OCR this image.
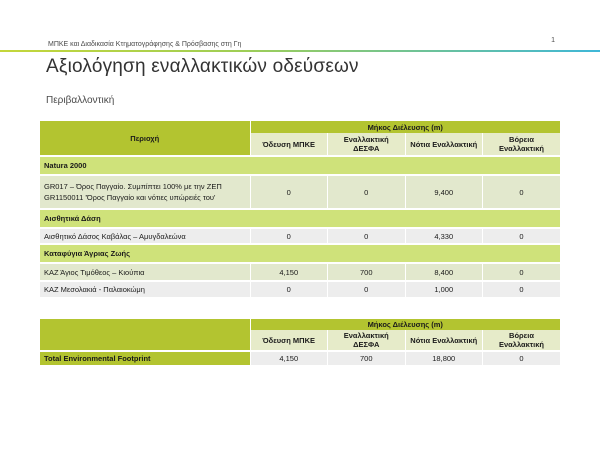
ΜΠΚΕ και Διαδικασία Κτηματογράφησης & Πρόσβασης στη Γη
1
Αξιολόγηση εναλλακτικών οδεύσεων
Περιβαλλοντική
Περιοχή	Μήκος Διέλευσης (m)			
	Όδευση ΜΠΚΕ	Εναλλακτική ΔΕΣΦΑ	Νότια Εναλλακτική	Βόρεια Εναλλακτική
Natura 2000				
GR017 – Όρος Παγγαίο. Συμπίπτει 100% με την ΖΕΠ GR1150011 'Όρος Παγγαίο και νότιες υπώρειές του'	0	0	9,400	0
Αισθητικά Δάση				
Αισθητικό Δάσος Καβάλας – Αμυγδαλεώνα	0	0	4,330	0
Καταφύγια Άγριας Ζωής				
ΚΑΖ Άγιος Τιμόθεος – Κιούπια	4,150	700	8,400	0
ΚΑΖ Μεσολακιά - Παλαιοκώμη	0	0	1,000	0
	Μήκος Διέλευσης (m)			
	Όδευση ΜΠΚΕ	Εναλλακτική ΔΕΣΦΑ	Νότια Εναλλακτική	Βόρεια Εναλλακτική
Total Environmental Footprint	4,150	700	18,800	0
